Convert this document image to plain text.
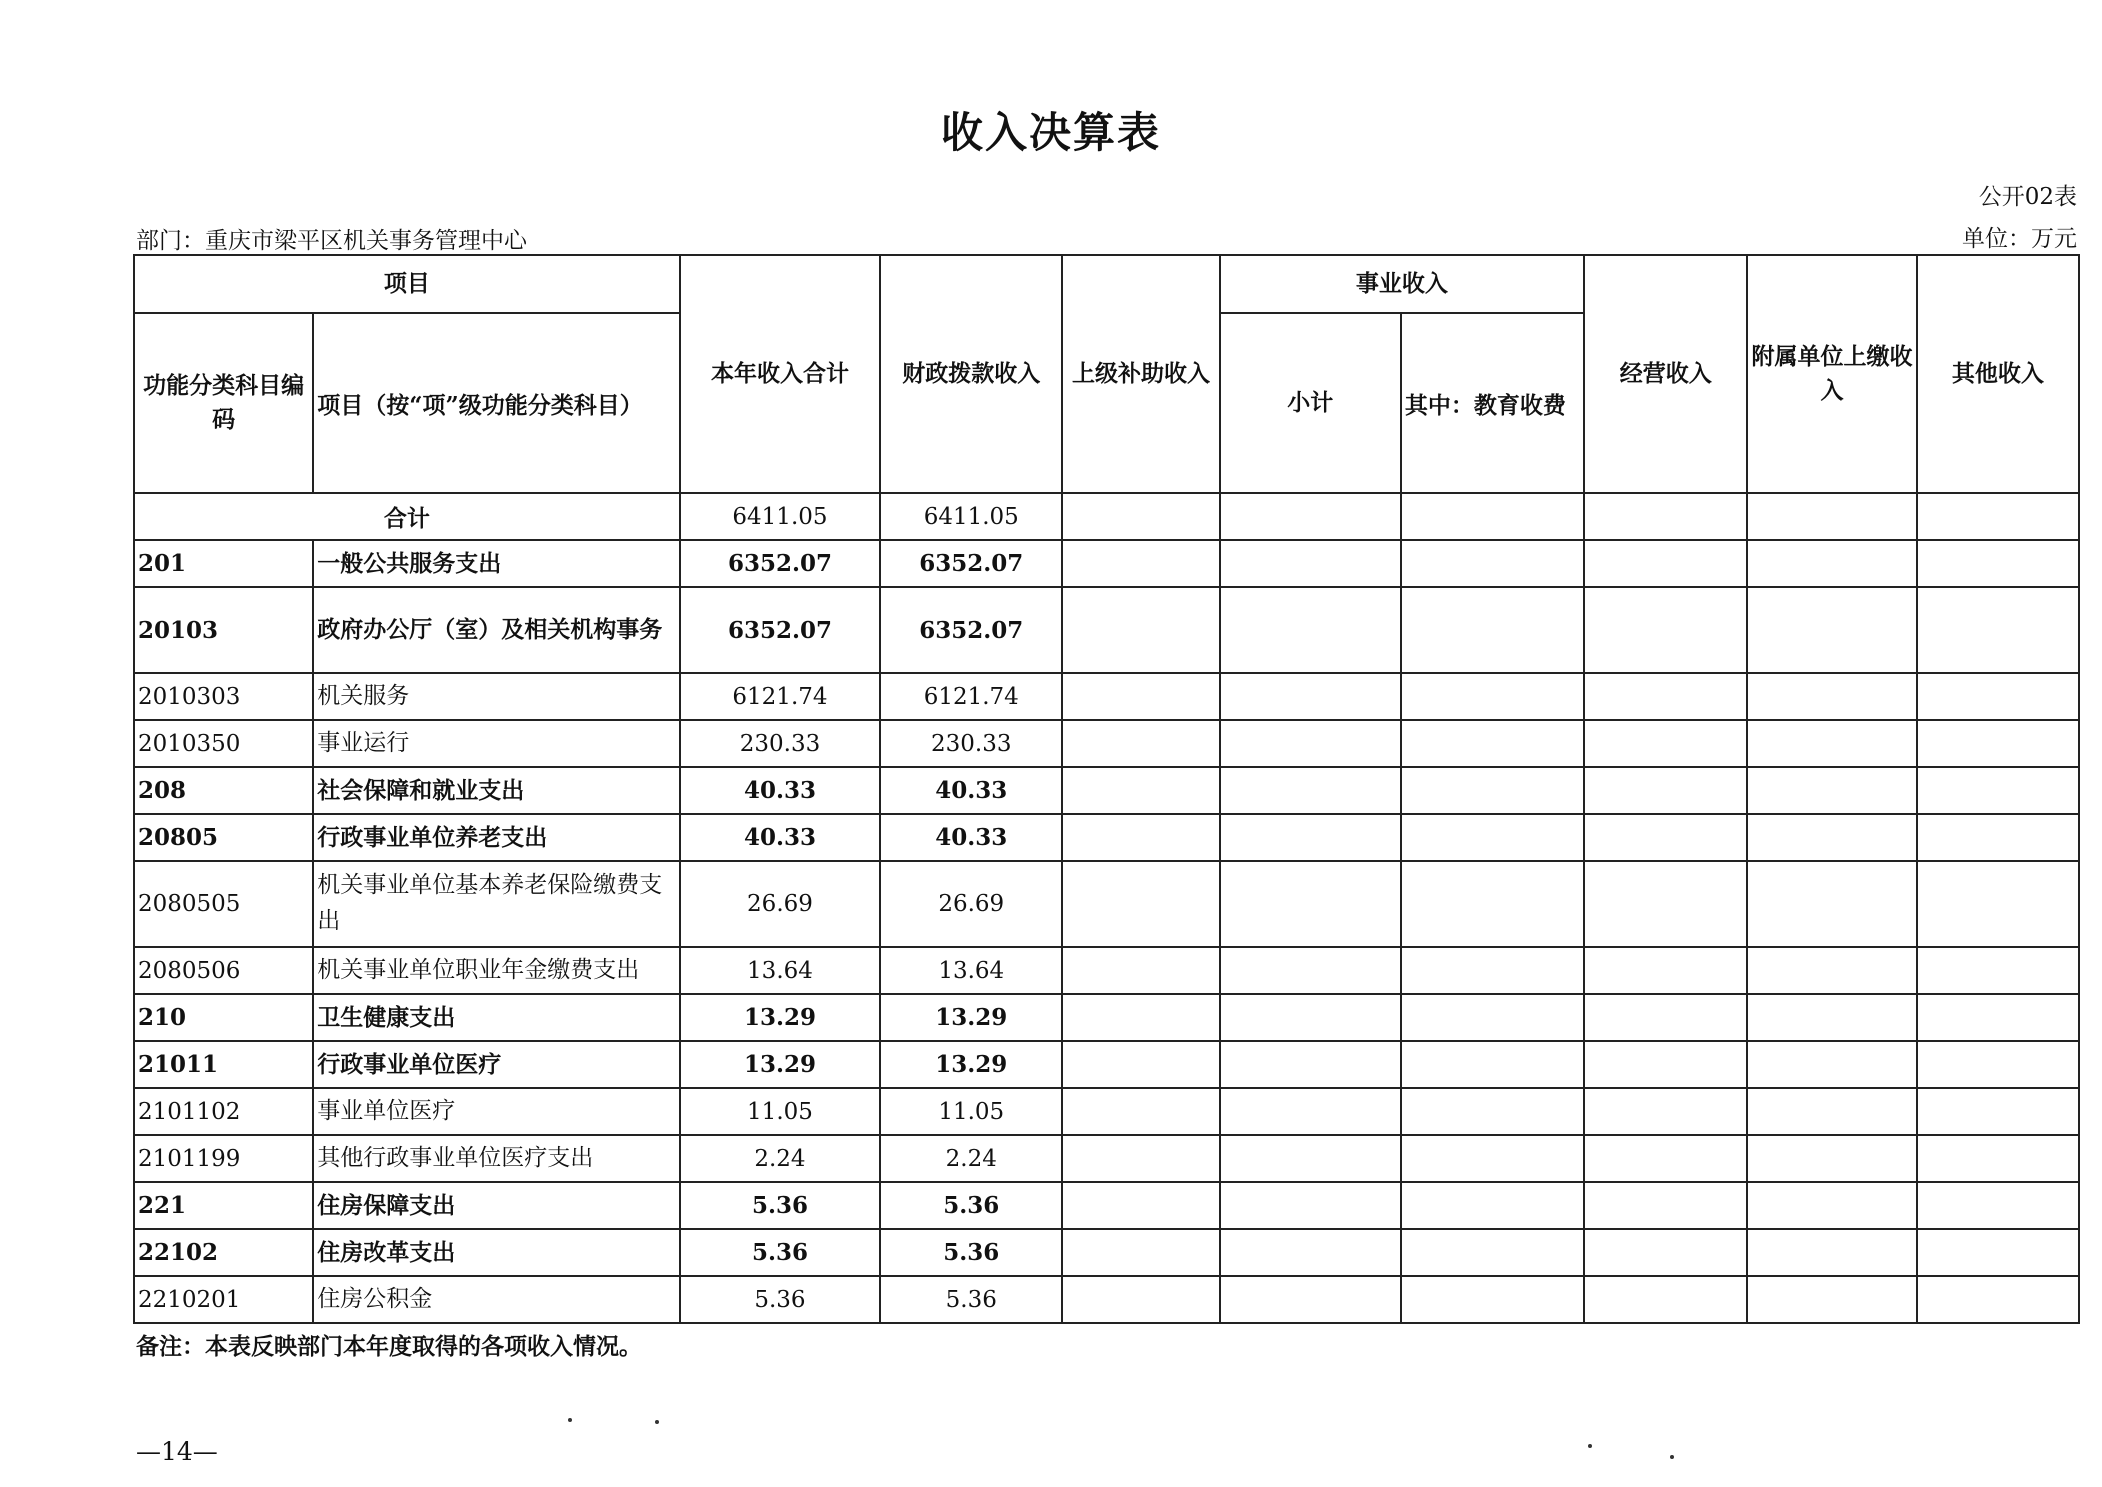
收入决算表
公开02表
部门：重庆市梁平区机关事务管理中心	单位：万元
项目		本年收入合计	财政拨款收入	上级补助收入	事业收入		经营收入	附属单位上缴收入	其他收入
功能分类科目编码	项目（按“项”级功能分类科目）				小计	其中：教育收费			
合计		6411.05	6411.05						
201	一般公共服务支出	6352.07	6352.07						
20103	政府办公厅（室）及相关机构事务	6352.07	6352.07						
2010303	机关服务	6121.74	6121.74						
2010350	事业运行	230.33	230.33						
208	社会保障和就业支出	40.33	40.33						
20805	行政事业单位养老支出	40.33	40.33						
2080505	机关事业单位基本养老保险缴费支出	26.69	26.69						
2080506	机关事业单位职业年金缴费支出	13.64	13.64						
210	卫生健康支出	13.29	13.29						
21011	行政事业单位医疗	13.29	13.29						
2101102	事业单位医疗	11.05	11.05						
2101199	其他行政事业单位医疗支出	2.24	2.24						
221	住房保障支出	5.36	5.36						
22102	住房改革支出	5.36	5.36						
2210201	住房公积金	5.36	5.36						
备注：本表反映部门本年度取得的各项收入情况。
—14—
